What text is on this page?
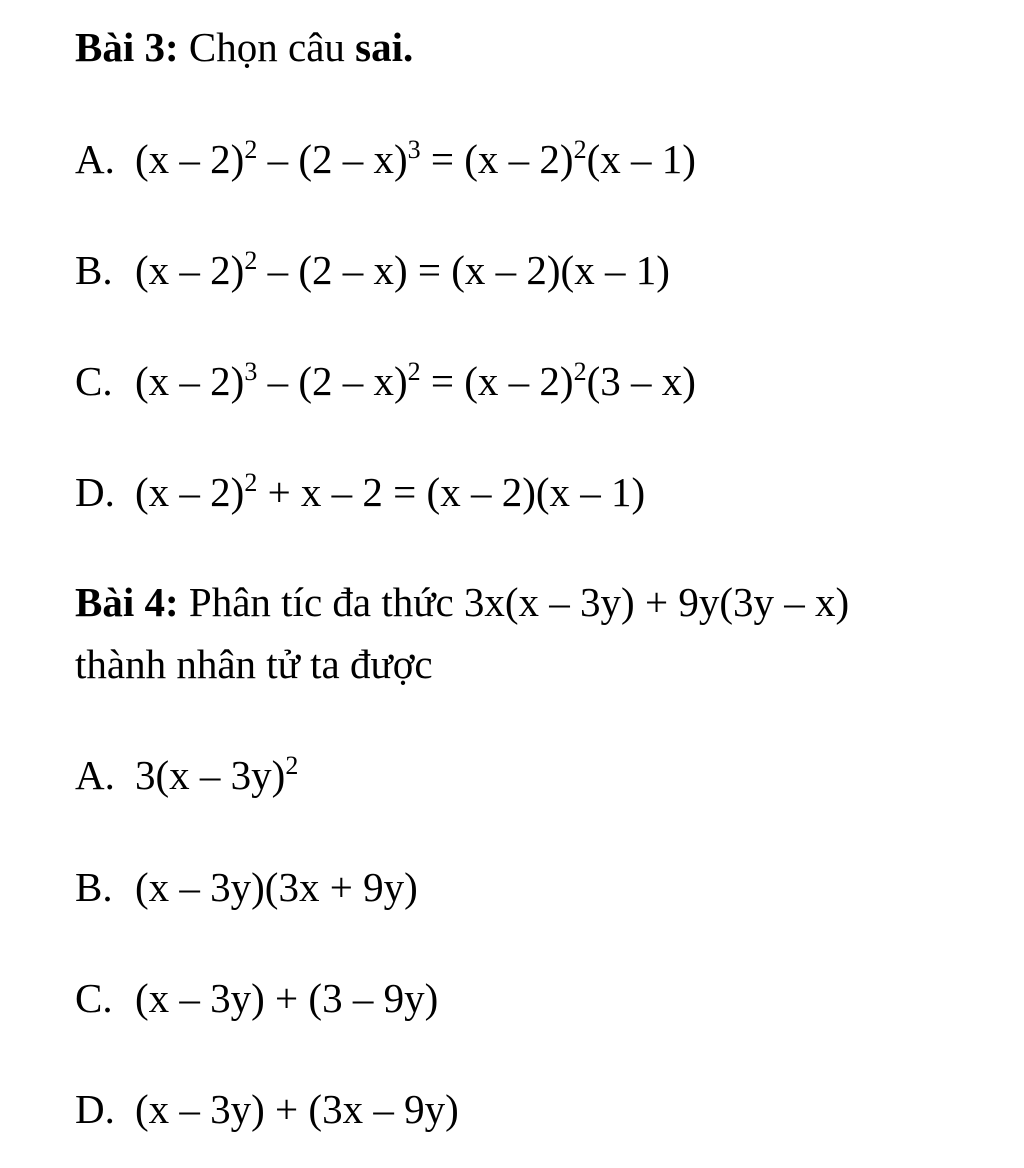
Bài 3: Chọn câu sai.
A. (x – 2)$^2$ – (2 – x)$^3$ = (x – 2)$^2$(x – 1)
B. (x – 2)$^2$ – (2 – x) = (x – 2)(x – 1)
C. (x – 2)$^3$ – (2 – x)$^2$ = (x – 2)$^2$(3 – x)
D. (x – 2)$^2$ + x – 2 = (x – 2)(x – 1)
Bài 4: Phân tíc đa thức 3x(x – 3y) + 9y(3y – x)
thành nhân tử ta được
A. 3(x – 3y)$^2$
B. (x – 3y)(3x + 9y)
C. (x – 3y) + (3 – 9y)
D. (x – 3y) + (3x – 9y)
